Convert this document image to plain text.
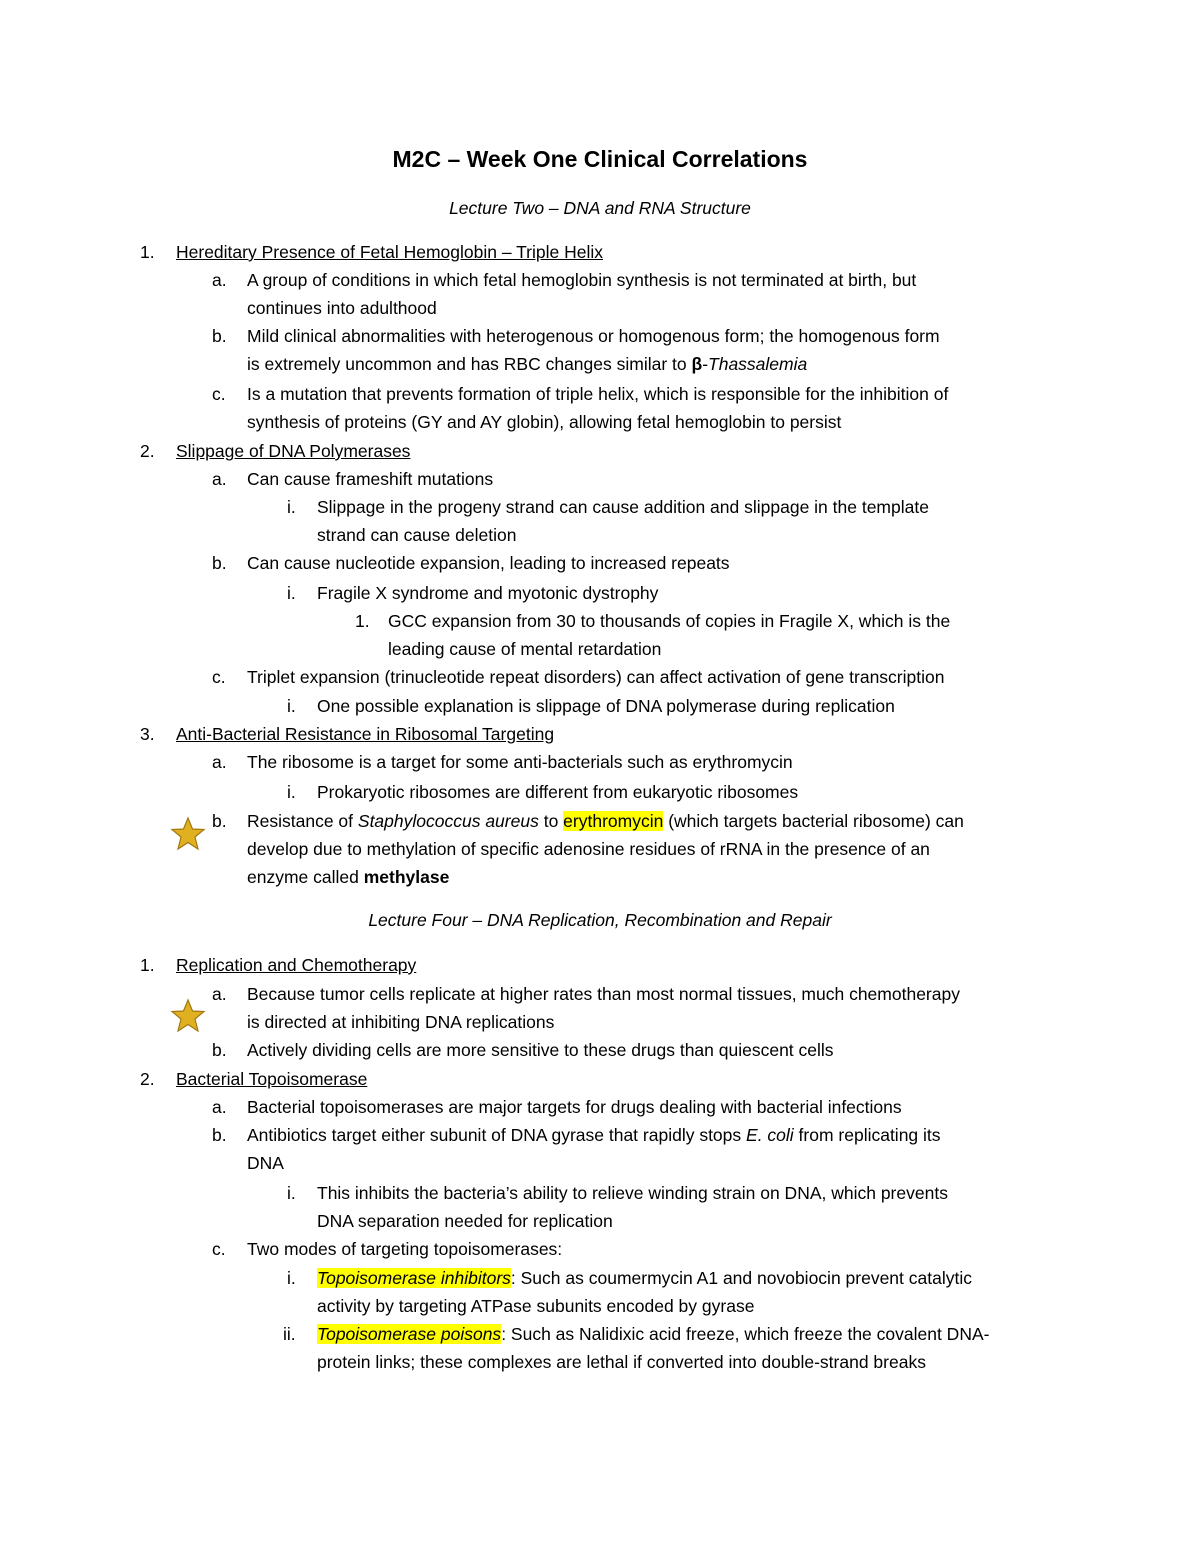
M2C – Week One Clinical Correlations
Lecture Two – DNA and RNA Structure
1. Hereditary Presence of Fetal Hemoglobin – Triple Helix
a. A group of conditions in which fetal hemoglobin synthesis is not terminated at birth, but
continues into adulthood
b. Mild clinical abnormalities with heterogenous or homogenous form; the homogenous form
is extremely uncommon and has RBC changes similar to β-Thassalemia
c. Is a mutation that prevents formation of triple helix, which is responsible for the inhibition of
synthesis of proteins (GY and AY globin), allowing fetal hemoglobin to persist
2. Slippage of DNA Polymerases
a. Can cause frameshift mutations
i. Slippage in the progeny strand can cause addition and slippage in the template
strand can cause deletion
b. Can cause nucleotide expansion, leading to increased repeats
i. Fragile X syndrome and myotonic dystrophy
1. GCC expansion from 30 to thousands of copies in Fragile X, which is the
leading cause of mental retardation
c. Triplet expansion (trinucleotide repeat disorders) can affect activation of gene transcription
i. One possible explanation is slippage of DNA polymerase during replication
3. Anti-Bacterial Resistance in Ribosomal Targeting
a. The ribosome is a target for some anti-bacterials such as erythromycin
i. Prokaryotic ribosomes are different from eukaryotic ribosomes
b. Resistance of Staphylococcus aureus to erythromycin (which targets bacterial ribosome) can
develop due to methylation of specific adenosine residues of rRNA in the presence of an
enzyme called methylase
Lecture Four – DNA Replication, Recombination and Repair
1. Replication and Chemotherapy
a. Because tumor cells replicate at higher rates than most normal tissues, much chemotherapy
is directed at inhibiting DNA replications
b. Actively dividing cells are more sensitive to these drugs than quiescent cells
2. Bacterial Topoisomerase
a. Bacterial topoisomerases are major targets for drugs dealing with bacterial infections
b. Antibiotics target either subunit of DNA gyrase that rapidly stops E. coli from replicating its
DNA
i. This inhibits the bacteria’s ability to relieve winding strain on DNA, which prevents
DNA separation needed for replication
c. Two modes of targeting topoisomerases:
i. Topoisomerase inhibitors: Such as coumermycin A1 and novobiocin prevent catalytic
activity by targeting ATPase subunits encoded by gyrase
ii. Topoisomerase poisons: Such as Nalidixic acid freeze, which freeze the covalent DNA-
protein links; these complexes are lethal if converted into double-strand breaks
